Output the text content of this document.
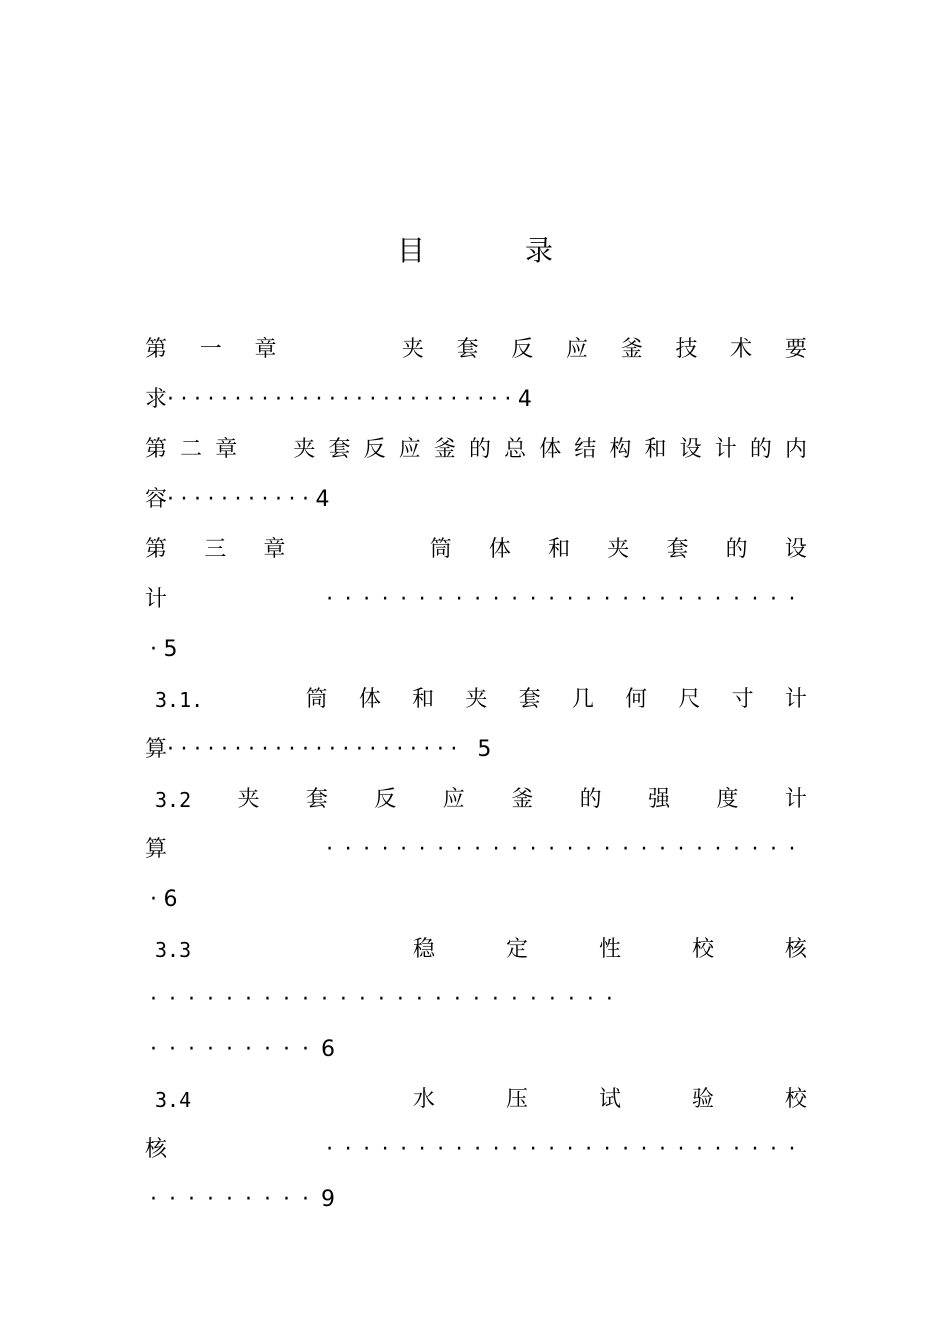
目	录
第 一 章	夹 套 反 应 釜 技 术 要
求··························4
第 二 章	夹 套 反 应 釜 的 总 体 结 构 和 设 计 的 内
容···········4
第 三 章	筒 体 和 夹 套 的 设
计	··························
·5
3.1.	筒 体 和 夹 套 几 何 尺 寸 计
算······················ 5
3.2 夹 套 反 应 釜 的 强 度 计
算	··························
·6
3.3	稳	定	性	校	核
·························
·········6
3.4	水	压	试	验	校
核	··························
·········9
